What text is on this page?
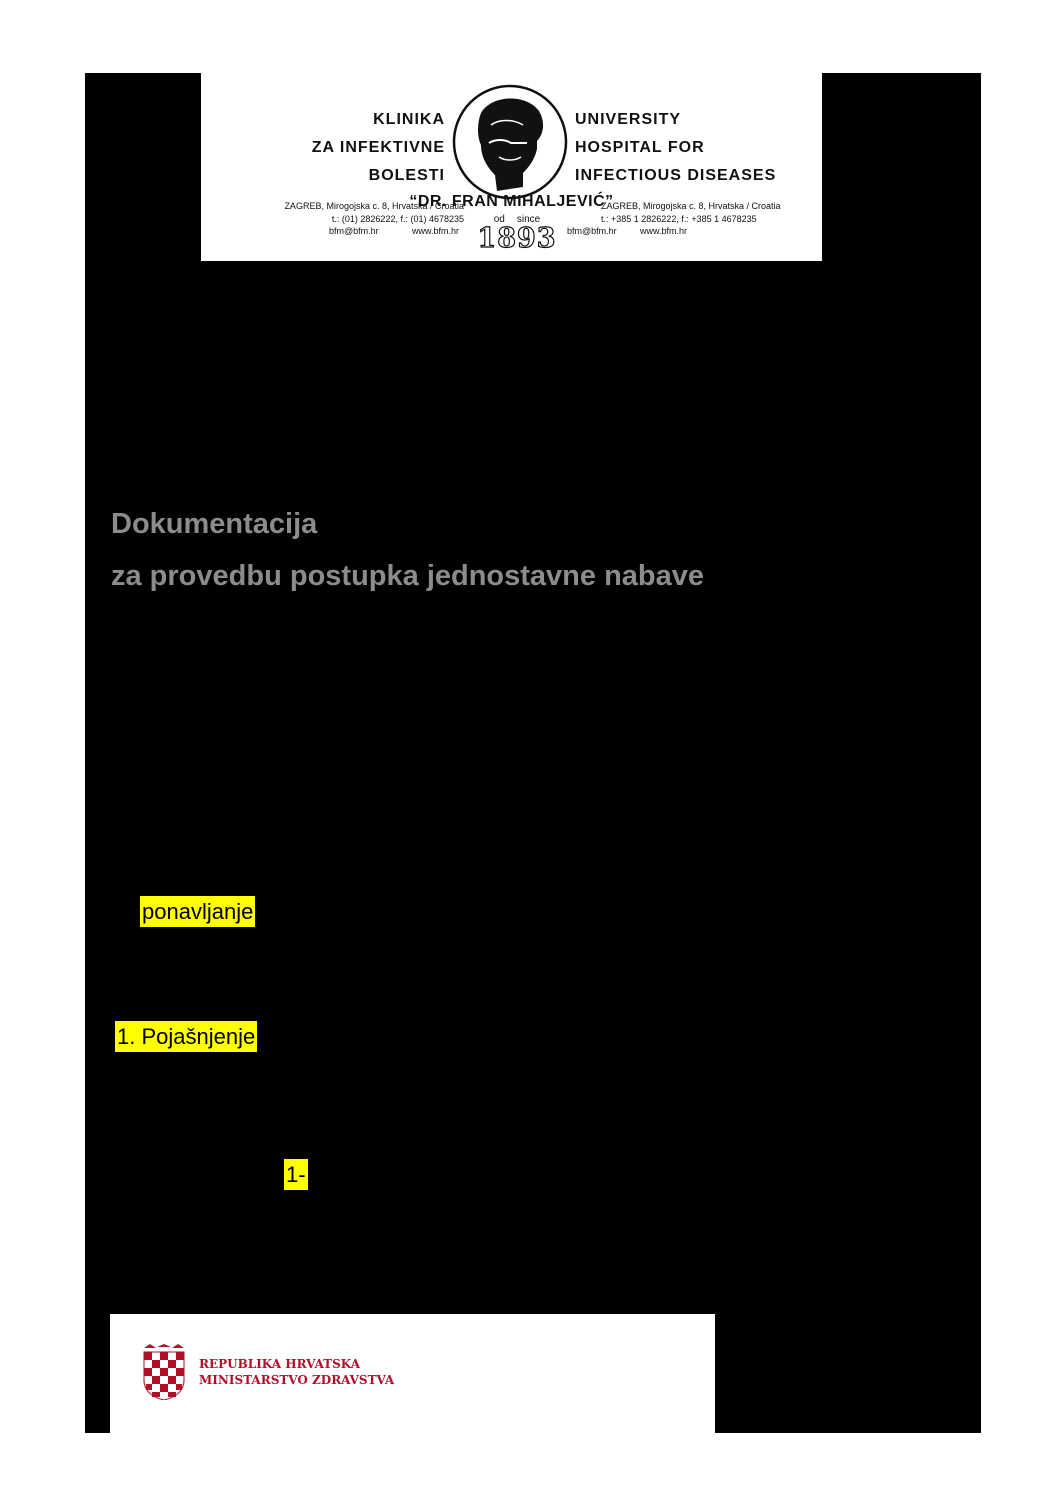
KLINIKA
ZA INFEKTIVNE
BOLESTI
UNIVERSITY
HOSPITAL FOR
INFECTIOUS DISEASES
“DR. FRAN MIHALJEVIĆ”
ZAGREB, Mirogojska c. 8, Hrvatska / Croatia
t.: (01) 2826222, f.: (01) 4678235
ZAGREB, Mirogojska c. 8, Hrvatska / Croatia
t.: +385 1 2826222, f.: +385 1 4678235
bfm@bfm.hr	www.bfm.hr	bfm@bfm.hr	www.bfm.hr
od since
1893
Dokumentacija
za provedbu postupka jednostavne nabave
ponavljanje
1. Pojašnjenje
1-
REPUBLIKA HRVATSKA
MINISTARSTVO ZDRAVSTVA
